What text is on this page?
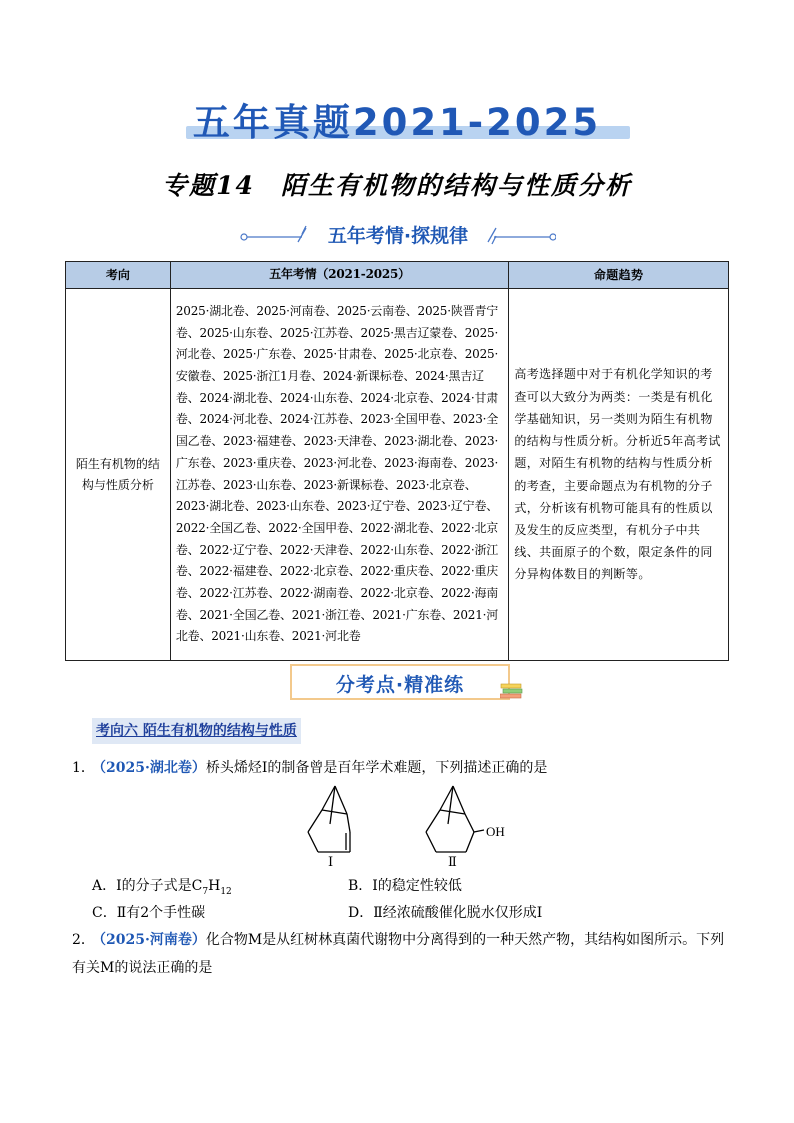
五年真题2021-2025
专题14 陌生有机物的结构与性质分析
五年考情·探规律
考向	五年考情（2021-2025）	命题趋势
陌生有机物的结构与性质分析	2025·湖北卷、2025·河南卷、2025·云南卷、2025·陕晋青宁卷、2025·山东卷、2025·江苏卷、2025·黑吉辽蒙卷、2025·河北卷、2025·广东卷、2025·甘肃卷、2025·北京卷、2025·安徽卷、2025·浙江1月卷、2024·新课标卷、2024·黑吉辽卷、2024·湖北卷、2024·山东卷、2024·北京卷、2024·甘肃卷、2024·河北卷、2024·江苏卷、2023·全国甲卷、2023·全国乙卷、2023·福建卷、2023·天津卷、2023·湖北卷、2023·广东卷、2023·重庆卷、2023·河北卷、2023·海南卷、2023·江苏卷、2023·山东卷、2023·新课标卷、2023·北京卷、2023·湖北卷、2023·山东卷、2023·辽宁卷、2023·辽宁卷、2022·全国乙卷、2022·全国甲卷、2022·湖北卷、2022·北京卷、2022·辽宁卷、2022·天津卷、2022·山东卷、2022·浙江卷、2022·福建卷、2022·北京卷、2022·重庆卷、2022·重庆卷、2022·江苏卷、2022·湖南卷、2022·北京卷、2022·海南卷、2021·全国乙卷、2021·浙江卷、2021·广东卷、2021·河北卷、2021·山东卷、2021·河北卷	高考选择题中对于有机化学知识的考查可以大致分为两类：一类是有机化学基础知识，另一类则为陌生有机物的结构与性质分析。分析近5年高考试题，对陌生有机物的结构与性质分析的考查，主要命题点为有机物的分子式，分析该有机物可能具有的性质以及发生的反应类型，有机分子中共线、共面原子的个数，限定条件的同分异构体数目的判断等。
分考点·精准练
考向六 陌生有机物的结构与性质
1．（2025·湖北卷）桥头烯烃Ⅰ的制备曾是百年学术难题，下列描述正确的是
OH
Ⅰ	Ⅱ
A．Ⅰ的分子式是$C_7H_{12}$	B．Ⅰ的稳定性较低
C．Ⅱ有2个手性碳	D．Ⅱ经浓硫酸催化脱水仅形成Ⅰ
2．（2025·河南卷）化合物M是从红树林真菌代谢物中分离得到的一种天然产物，其结构如图所示。下列有关M的说法正确的是
